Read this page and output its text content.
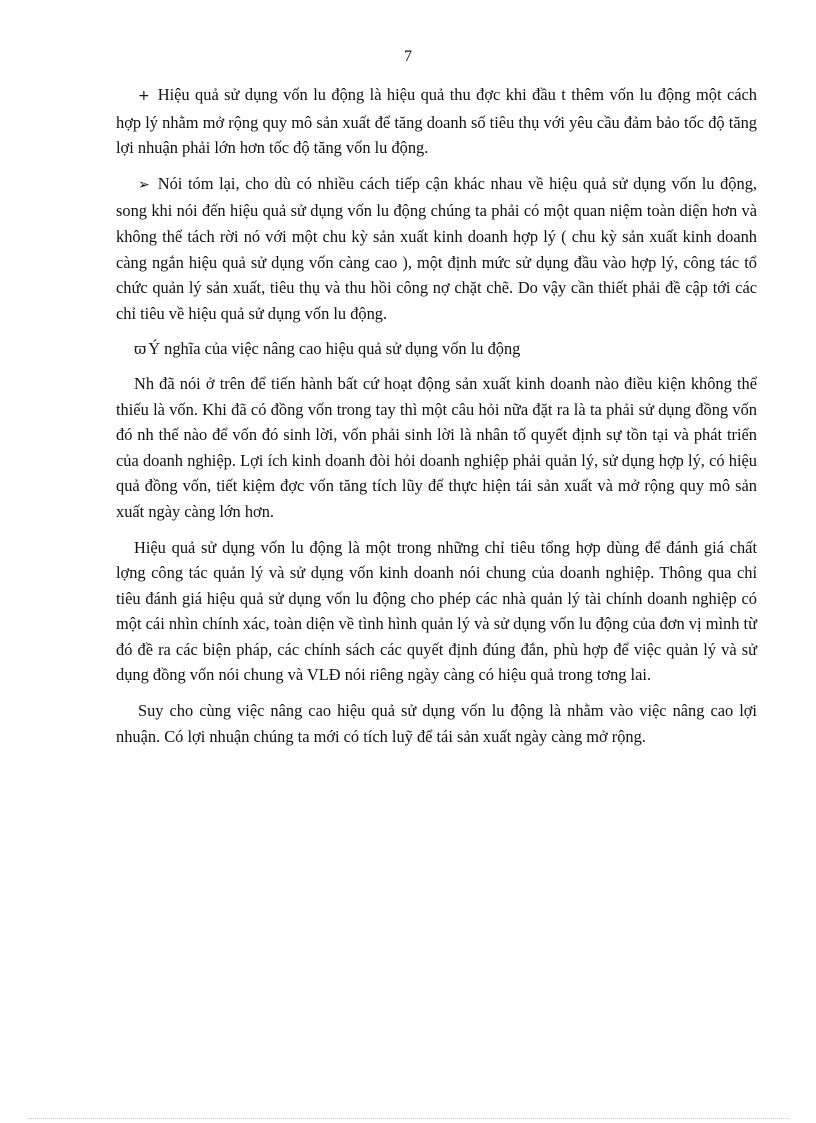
7

+ Hiệu quả sử dụng vốn lu động là hiệu quả thu đợc khi đầu t thêm vốn lu động một cách hợp lý nhằm mở rộng quy mô sản xuất để tăng doanh số tiêu thụ với yêu cầu đảm bảo tốc độ tăng lợi nhuận phải lớn hơn tốc độ tăng vốn lu động.

➢ Nói tóm lại, cho dù có nhiều cách tiếp cận khác nhau về hiệu quả sử dụng vốn lu động, song khi nói đến hiệu quả sử dụng vốn lu động chúng ta phải có một quan niệm toàn diện hơn và không thể tách rời nó với một chu kỳ sản xuất kinh doanh hợp lý ( chu kỳ sản xuất kinh doanh càng ngắn hiệu quả sử dụng vốn càng cao ), một định mức sử dụng đầu vào hợp lý, công tác tổ chức quản lý sản xuất, tiêu thụ và thu hồi công nợ chặt chẽ. Do vậy cần thiết phải đề cập tới các chỉ tiêu về hiệu quả sử dụng vốn lu động.

ϖ Ý nghĩa của việc nâng cao hiệu quả sử dụng vốn lu động

Nh đã nói ở trên để tiến hành bất cứ hoạt động sản xuất kinh doanh nào điều kiện không thể thiếu là vốn. Khi đã có đồng vốn trong tay thì một câu hỏi nữa đặt ra là ta phải sử dụng đồng vốn đó nh thế nào để vốn đó sinh lời, vốn phải sinh lời là nhân tố quyết định sự tồn tại và phát triển của doanh nghiệp. Lợi ích kinh doanh đòi hỏi doanh nghiệp phải quản lý, sử dụng hợp lý, có hiệu quả đồng vốn, tiết kiệm đợc vốn tăng tích lũy để thực hiện tái sản xuất và mở rộng quy mô sản xuất ngày càng lớn hơn.

Hiệu quả sử dụng vốn lu động là một trong những chỉ tiêu tổng hợp dùng để đánh giá chất lợng công tác quản lý và sử dụng vốn kinh doanh nói chung của doanh nghiệp. Thông qua chỉ tiêu đánh giá hiệu quả sử dụng vốn lu động cho phép các nhà quản lý tài chính doanh nghiệp có một cái nhìn chính xác, toàn diện về tình hình quản lý và sử dụng vốn lu động của đơn vị mình từ đó đề ra các biện pháp, các chính sách các quyết định đúng đắn, phù hợp để việc quản lý và sử dụng đồng vốn nói chung và VLĐ nói riêng ngày càng có hiệu quả trong tơng lai.

Suy cho cùng việc nâng cao hiệu quả sử dụng vốn lu động là nhằm vào việc nâng cao lợi nhuận. Có lợi nhuận chúng ta mới có tích luỹ để tái sản xuất ngày càng mở rộng.
